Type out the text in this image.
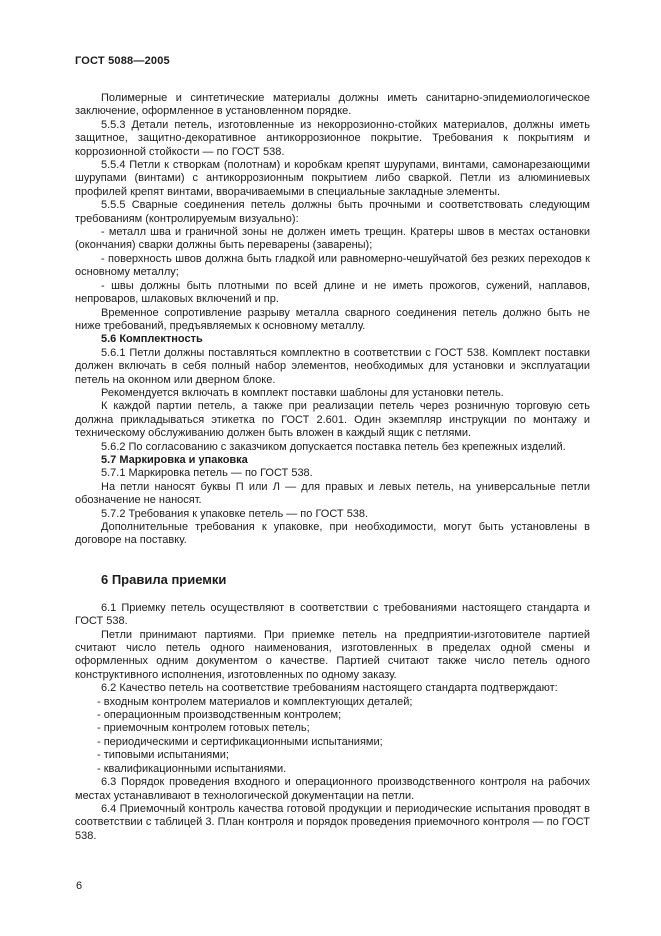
ГОСТ 5088—2005

Полимерные и синтетические материалы должны иметь санитарно-эпидемиологическое заключение, оформленное в установленном порядке.

5.5.3 Детали петель, изготовленные из некоррозионно-стойких материалов, должны иметь защитное, защитно-декоративное антикоррозионное покрытие. Требования к покрытиям и коррозионной стойкости — по ГОСТ 538.

5.5.4 Петли к створкам (полотнам) и коробкам крепят шурупами, винтами, самонарезающими шурупами (винтами) с антикоррозионным покрытием либо сваркой. Петли из алюминиевых профилей крепят винтами, вворачиваемыми в специальные закладные элементы.

5.5.5 Сварные соединения петель должны быть прочными и соответствовать следующим требованиям (контролируемым визуально):

- металл шва и граничной зоны не должен иметь трещин. Кратеры швов в местах остановки (окончания) сварки должны быть переварены (заварены);

- поверхность швов должна быть гладкой или равномерно-чешуйчатой без резких переходов к основному металлу;

- швы должны быть плотными по всей длине и не иметь прожогов, сужений, наплавов, непроваров, шлаковых включений и пр.

Временное сопротивление разрыву металла сварного соединения петель должно быть не ниже требований, предъявляемых к основному металлу.

5.6 Комплектность

5.6.1 Петли должны поставляться комплектно в соответствии с ГОСТ 538. Комплект поставки должен включать в себя полный набор элементов, необходимых для установки и эксплуатации петель на оконном или дверном блоке.

Рекомендуется включать в комплект поставки шаблоны для установки петель.

К каждой партии петель, а также при реализации петель через розничную торговую сеть должна прикладываться этикетка по ГОСТ 2.601. Один экземпляр инструкции по монтажу и техническому обслуживанию должен быть вложен в каждый ящик с петлями.

5.6.2 По согласованию с заказчиком допускается поставка петель без крепежных изделий.

5.7 Маркировка и упаковка

5.7.1 Маркировка петель — по ГОСТ 538.

На петли наносят буквы П или Л — для правых и левых петель, на универсальные петли обозначение не наносят.

5.7.2 Требования к упаковке петель — по ГОСТ 538.

Дополнительные требования к упаковке, при необходимости, могут быть установлены в договоре на поставку.

6 Правила приемки

6.1 Приемку петель осуществляют в соответствии с требованиями настоящего стандарта и ГОСТ 538.

Петли принимают партиями. При приемке петель на предприятии-изготовителе партией считают число петель одного наименования, изготовленных в пределах одной смены и оформленных одним документом о качестве. Партией считают также число петель одного конструктивного исполнения, изготовленных по одному заказу.

6.2 Качество петель на соответствие требованиям настоящего стандарта подтверждают:

- входным контролем материалов и комплектующих деталей;

- операционным производственным контролем;

- приемочным контролем готовых петель;

- периодическими и сертификационными испытаниями;

- типовыми испытаниями;

- квалификационными испытаниями.

6.3 Порядок проведения входного и операционного производственного контроля на рабочих местах устанавливают в технологической документации на петли.

6.4 Приемочный контроль качества готовой продукции и периодические испытания проводят в соответствии с таблицей 3. План контроля и порядок проведения приемочного контроля — по ГОСТ 538.

6
